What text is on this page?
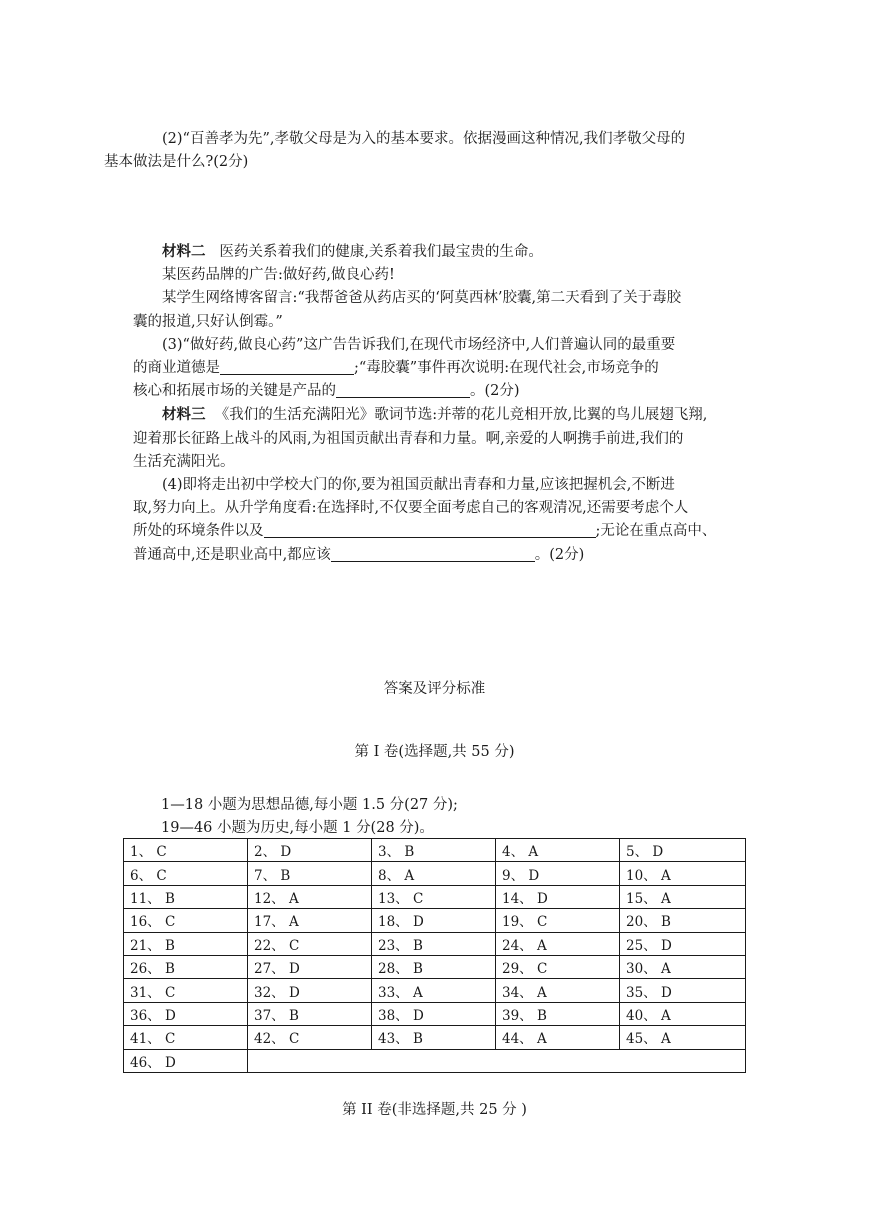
(2)“百善孝为先”,孝敬父母是为入的基本要求。依据漫画这种情况,我们孝敬父母的
基本做法是什么?(2分)

材料二 医药关系着我们的健康,关系着我们最宝贵的生命。
某医药品牌的广告:做好药,做良心药!
某学生网络博客留言:“我帮爸爸从药店买的‘阿莫西林’胶囊,第二天看到了关于毒胶
囊的报道,只好认倒霉。”
(3)“做好药,做良心药”这广告告诉我们,在现代市场经济中,人们普遍认同的最重要
的商业道德是	;“毒胶囊”事件再次说明:在现代社会,市场竞争的
核心和拓展市场的关键是产品的	。(2分)
材料三 《我们的生活充满阳光》歌词节选:并蒂的花儿竞相开放,比翼的鸟儿展翅飞翔,
迎着那长征路上战斗的风雨,为祖国贡献出青春和力量。啊,亲爱的人啊携手前进,我们的
生活充满阳光。
(4)即将走出初中学校大门的你,要为祖国贡献出青春和力量,应该把握机会,不断进
取,努力向上。从升学角度看:在选择时,不仅要全面考虑自己的客观清况,还需要考虑个人
所处的环境条件以及	;无论在重点高中、
普通高中,还是职业高中,都应该	。(2分)

答案及评分标准

第 I 卷(选择题,共 55 分)

1—18 小题为思想品德,每小题 1.5 分(27 分);

19—46 小题为历史,每小题 1 分(28 分)。

1、 C	2、 D	3、 B	4、 A	5、 D
6、 C	7、 B	8、 A	9、 D	10、 A
11、 B	12、 A	13、 C	14、 D	15、 A
16、 C	17、 A	18、 D	19、 C	20、 B
21、 B	22、 C	23、 B	24、 A	25、 D
26、 B	27、 D	28、 B	29、 C	30、 A
31、 C	32、 D	33、 A	34、 A	35、 D
36、 D	37、 B	38、 D	39、 B	40、 A
41、 C	42、 C	43、 B	44、 A	45、 A
46、 D				

第 II 卷(非选择题,共 25 分 )
